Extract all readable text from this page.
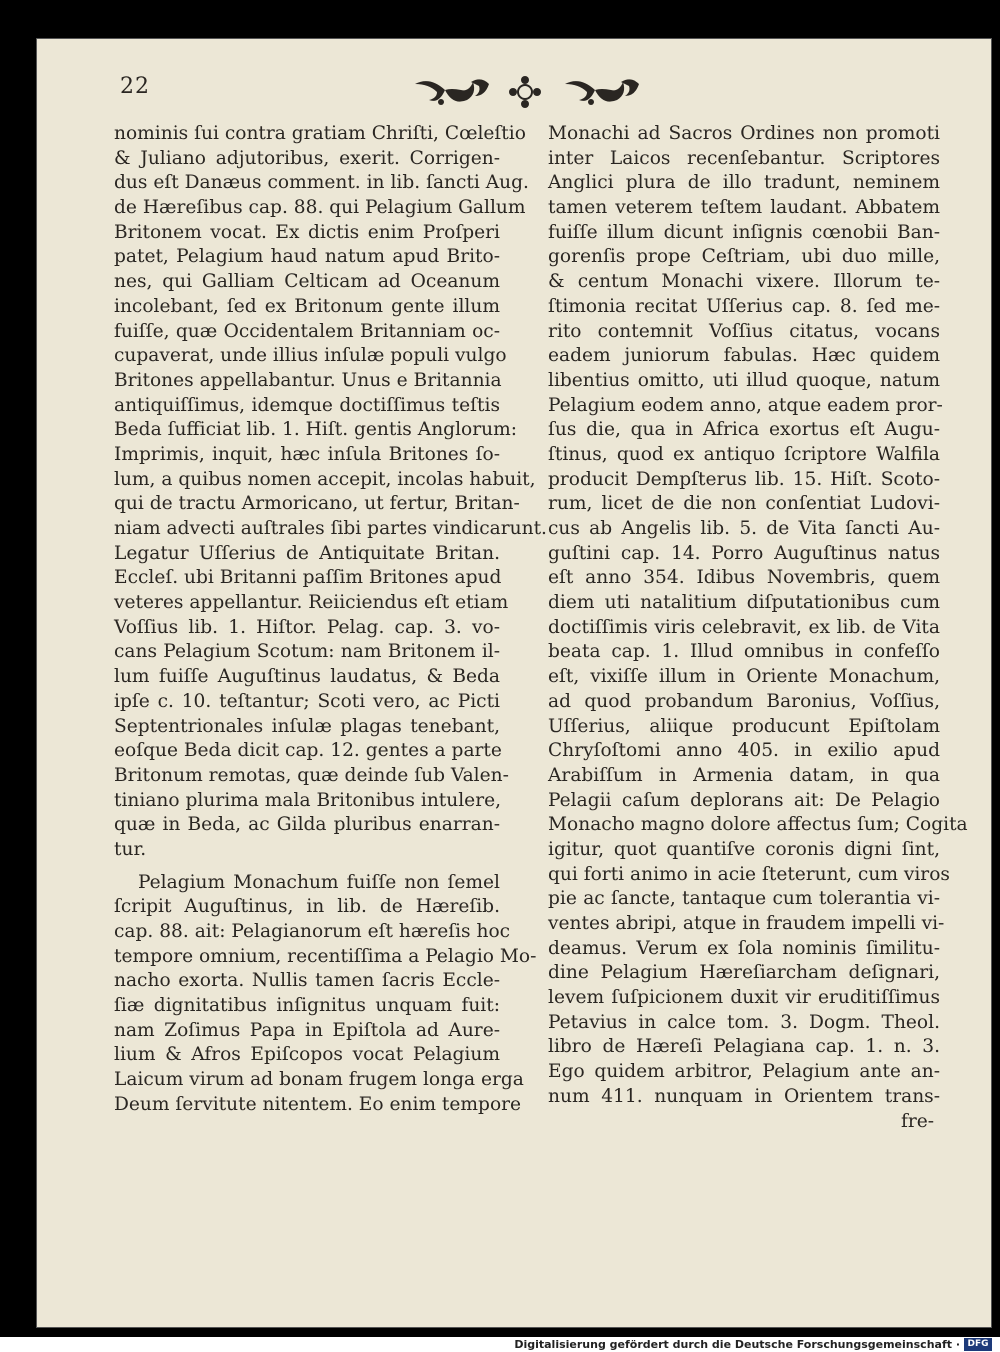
22
nominis ſui contra gratiam Chriſti, Cœleſtio
& Juliano adjutoribus, exerit. Corrigen-
dus eſt Danæus comment. in lib. ſancti Aug.
de Hæreſibus cap. 88. qui Pelagium Gallum
Britonem vocat. Ex dictis enim Proſperi
patet, Pelagium haud natum apud Brito-
nes, qui Galliam Celticam ad Oceanum
incolebant, ſed ex Britonum gente illum
fuiſſe, quæ Occidentalem Britanniam oc-
cupaverat, unde illius inſulæ populi vulgo
Britones appellabantur. Unus e Britannia
antiquiſſimus, idemque doctiſſimus teſtis
Beda ſufficiat lib. 1. Hiſt. gentis Anglorum:
Imprimis, inquit, hæc inſula Britones ſo-
lum, a quibus nomen accepit, incolas habuit,
qui de tractu Armoricano, ut fertur, Britan-
niam advecti auſtrales ſibi partes vindicarunt.
Legatur Uſſerius de Antiquitate Britan.
Eccleſ. ubi Britanni paſſim Britones apud
veteres appellantur. Reiiciendus eſt etiam
Voſſius lib. 1. Hiſtor. Pelag. cap. 3. vo-
cans Pelagium Scotum: nam Britonem il-
lum fuiſſe Auguſtinus laudatus, & Beda
ipſe c. 10. teſtantur; Scoti vero, ac Picti
Septentrionales inſulæ plagas tenebant,
eoſque Beda dicit cap. 12. gentes a parte
Britonum remotas, quæ deinde ſub Valen-
tiniano plurima mala Britonibus intulere,
quæ in Beda, ac Gilda pluribus enarran-
tur.
Pelagium Monachum fuiſſe non ſemel
ſcripit Auguſtinus, in lib. de Hæreſib.
cap. 88. ait: Pelagianorum eſt hæreſis hoc
tempore omnium, recentiſſima a Pelagio Mo-
nacho exorta. Nullis tamen ſacris Eccle-
ſiæ dignitatibus inſignitus unquam fuit:
nam Zoſimus Papa in Epiſtola ad Aure-
lium & Afros Epiſcopos vocat Pelagium
Laicum virum ad bonam frugem longa erga
Deum ſervitute nitentem. Eo enim tempore
Monachi ad Sacros Ordines non promoti
inter Laicos recenſebantur. Scriptores
Anglici plura de illo tradunt, neminem
tamen veterem teſtem laudant. Abbatem
fuiſſe illum dicunt inſignis cœnobii Ban-
gorenſis prope Ceſtriam, ubi duo mille,
& centum Monachi vixere. Illorum te-
ſtimonia recitat Uſſerius cap. 8. ſed me-
rito contemnit Voſſius citatus, vocans
eadem juniorum fabulas. Hæc quidem
libentius omitto, uti illud quoque, natum
Pelagium eodem anno, atque eadem pror-
ſus die, qua in Africa exortus eſt Augu-
ſtinus, quod ex antiquo ſcriptore Walfila
producit Dempſterus lib. 15. Hiſt. Scoto-
rum, licet de die non conſentiat Ludovi-
cus ab Angelis lib. 5. de Vita ſancti Au-
guſtini cap. 14. Porro Auguſtinus natus
eſt anno 354. Idibus Novembris, quem
diem uti natalitium diſputationibus cum
doctiſſimis viris celebravit, ex lib. de Vita
beata cap. 1. Illud omnibus in confeſſo
eſt, vixiſſe illum in Oriente Monachum,
ad quod probandum Baronius, Voſſius,
Uſſerius, aliique producunt Epiſtolam
Chryſoſtomi anno 405. in exilio apud
Arabiſſum in Armenia datam, in qua
Pelagii caſum deplorans ait: De Pelagio
Monacho magno dolore affectus ſum; Cogita
igitur, quot quantiſve coronis digni ſint,
qui forti animo in acie ſteterunt, cum viros
pie ac ſancte, tantaque cum tolerantia vi-
ventes abripi, atque in fraudem impelli vi-
deamus. Verum ex ſola nominis ſimilitu-
dine Pelagium Hæreſiarcham deſignari,
levem ſuſpicionem duxit vir eruditiſſimus
Petavius in calce tom. 3. Dogm. Theol.
libro de Hæreſi Pelagiana cap. 1. n. 3.
Ego quidem arbitror, Pelagium ante an-
num 411. nunquam in Orientem trans-
fre-
Digitalisierung gefördert durch die Deutsche Forschungsgemeinschaft · DFG
